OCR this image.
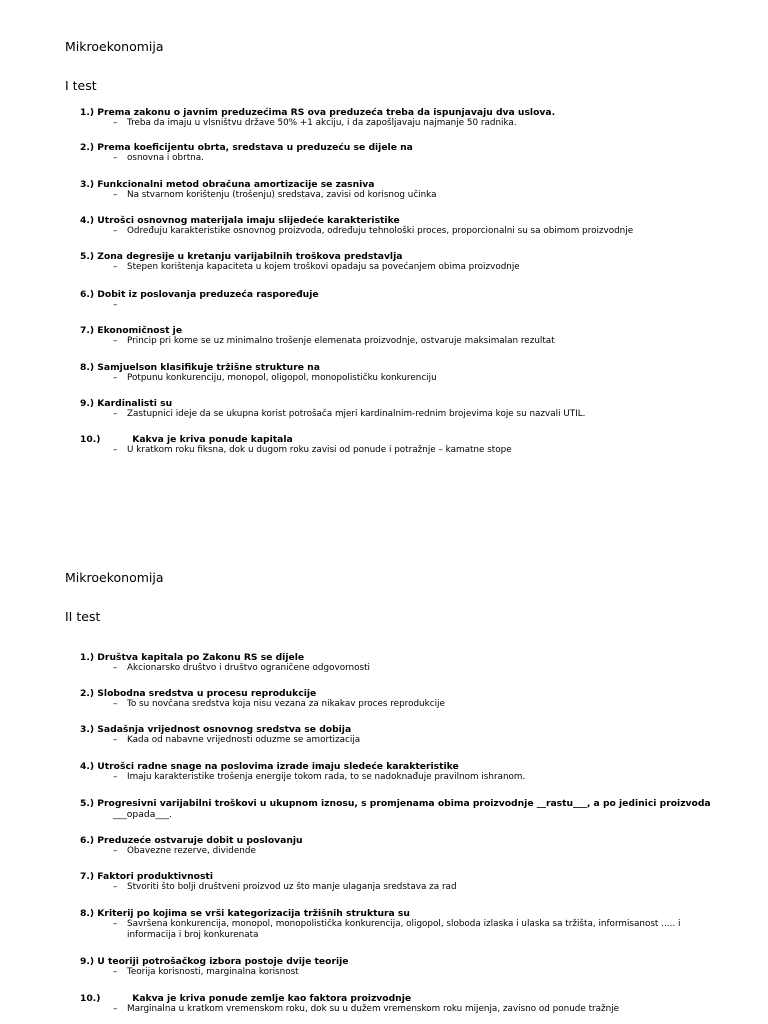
Mikroekonomija
I test
1.) Prema zakonu o javnim preduzećima RS ova preduzeća treba da ispunjavaju dva uslova.
–	Treba da imaju u vlsništvu države 50% +1 akciju, i da zapošljavaju najmanje 50 radnika.
2.) Prema koeficijentu obrta, sredstava u preduzeću se dijele na
–	osnovna i obrtna.
3.) Funkcionalni metod obračuna amortizacije se zasniva
–	Na stvarnom korištenju (trošenju) sredstava, zavisi od korisnog učinka
4.) Utrošci osnovnog materijala imaju slijedeće karakteristike
–	Određuju karakteristike osnovnog proizvoda, određuju tehnološki proces, proporcionalni su sa obimom proizvodnje
5.) Zona degresije u kretanju varijabilnih troškova predstavlja
–	Stepen korištenja kapaciteta u kojem troškovi opadaju sa povećanjem obima proizvodnje
6.) Dobit iz poslovanja preduzeća raspoređuje
–

7.) Ekonomičnost je
–	Princip pri kome se uz minimalno trošenje elemenata proizvodnje, ostvaruje maksimalan rezultat
8.) Samjuelson klasifikuje tržišne strukture na
–	Potpunu konkurenciju, monopol, oligopol, monopolističku konkurenciju
9.) Kardinalisti su
–	Zastupnici ideje da se ukupna korist potrošača mjeri kardinalnim-rednim brojevima koje su nazvali UTIL.
10.)	Kakva je kriva ponude kapitala
–	U kratkom roku fiksna, dok u dugom roku zavisi od ponude i potražnje – kamatne stope
Mikroekonomija
II test
1.) Društva kapitala po Zakonu RS se dijele
–	Akcionarsko društvo i društvo ograničene odgovornosti
2.) Slobodna sredstva u procesu reprodukcije
–	To su novčana sredstva koja nisu vezana za nikakav proces reprodukcije
3.) Sadašnja vrijednost osnovnog sredstva se dobija
–	Kada od nabavne vrijednosti oduzme se amortizacija
4.) Utrošci radne snage na poslovima izrade imaju sledeće karakteristike
–	Imaju karakteristike trošenja energije tokom rada, to se nadoknađuje pravilnom ishranom.
5.) Progresivni varijabilni troškovi u ukupnom iznosu, s promjenama obima proizvodnje __rastu___, a po jedinici proizvoda
___opada___.
6.) Preduzeće ostvaruje dobit u poslovanju
–	Obavezne rezerve, dividende
7.) Faktori produktivnosti
–	Stvoriti što bolji društveni proizvod uz što manje ulaganja sredstava za rad
8.) Kriterij po kojima se vrši kategorizacija tržišnih struktura su
–	Savršena konkurencija, monopol, monopolistička konkurencija, oligopol, sloboda izlaska i ulaska sa tržišta, informisanost ..... i
informacija i broj konkurenata
9.) U teoriji potrošačkog izbora postoje dvije teorije
–	Teorija korisnosti, marginalna korisnost
10.)	Kakva je kriva ponude zemlje kao faktora proizvodnje
–	Marginalna u kratkom vremenskom roku, dok su u dužem vremenskom roku mijenja, zavisno od ponude tražnje
